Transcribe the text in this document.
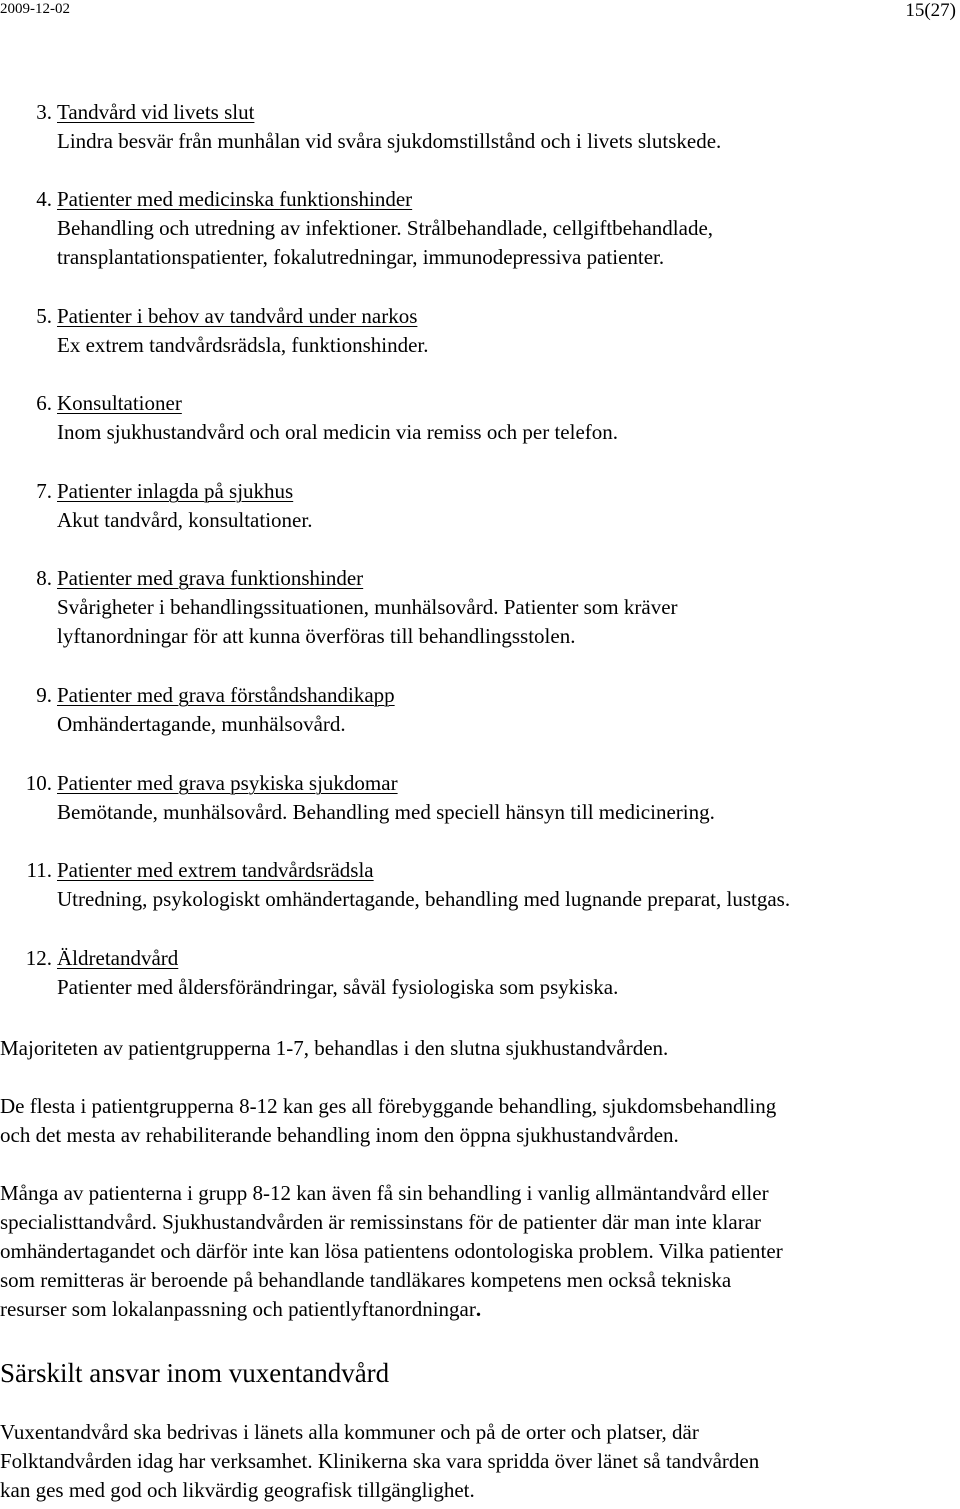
2009-12-02	15(27)
3. Tandvård vid livets slut
Lindra besvär från munhålan vid svåra sjukdomstillstånd och i livets slutskede.
4. Patienter med medicinska funktionshinder
Behandling och utredning av infektioner. Strålbehandlade, cellgiftbehandlade,
transplantationspatienter, fokalutredningar, immunodepressiva patienter.
5. Patienter i behov av tandvård under narkos
Ex extrem tandvårdsrädsla, funktionshinder.
6. Konsultationer
Inom sjukhustandvård och oral medicin via remiss och per telefon.
7. Patienter inlagda på sjukhus
Akut tandvård, konsultationer.
8. Patienter med grava funktionshinder
Svårigheter i behandlingssituationen, munhälsovård. Patienter som kräver
lyftanordningar för att kunna överföras till behandlingsstolen.
9. Patienter med grava förståndshandikapp
Omhändertagande, munhälsovård.
10. Patienter med grava psykiska sjukdomar
Bemötande, munhälsovård. Behandling med speciell hänsyn till medicinering.
11. Patienter med extrem tandvårdsrädsla
Utredning, psykologiskt omhändertagande, behandling med lugnande preparat, lustgas.
12. Äldretandvård
Patienter med åldersförändringar, såväl fysiologiska som psykiska.
Majoriteten av patientgrupperna 1-7, behandlas i den slutna sjukhustandvården.
De flesta i patientgrupperna 8-12 kan ges all förebyggande behandling, sjukdomsbehandling
och det mesta av rehabiliterande behandling inom den öppna sjukhustandvården.
Många av patienterna i grupp 8-12 kan även få sin behandling i vanlig allmäntandvård eller
specialisttandvård. Sjukhustandvården är remissinstans för de patienter där man inte klarar
omhändertagandet och därför inte kan lösa patientens odontologiska problem. Vilka patienter
som remitteras är beroende på behandlande tandläkares kompetens men också tekniska
resurser som lokalanpassning och patientlyftanordningar.
Särskilt ansvar inom vuxentandvård
Vuxentandvård ska bedrivas i länets alla kommuner och på de orter och platser, där
Folktandvården idag har verksamhet. Klinikerna ska vara spridda över länet så tandvården
kan ges med god och likvärdig geografisk tillgänglighet.
